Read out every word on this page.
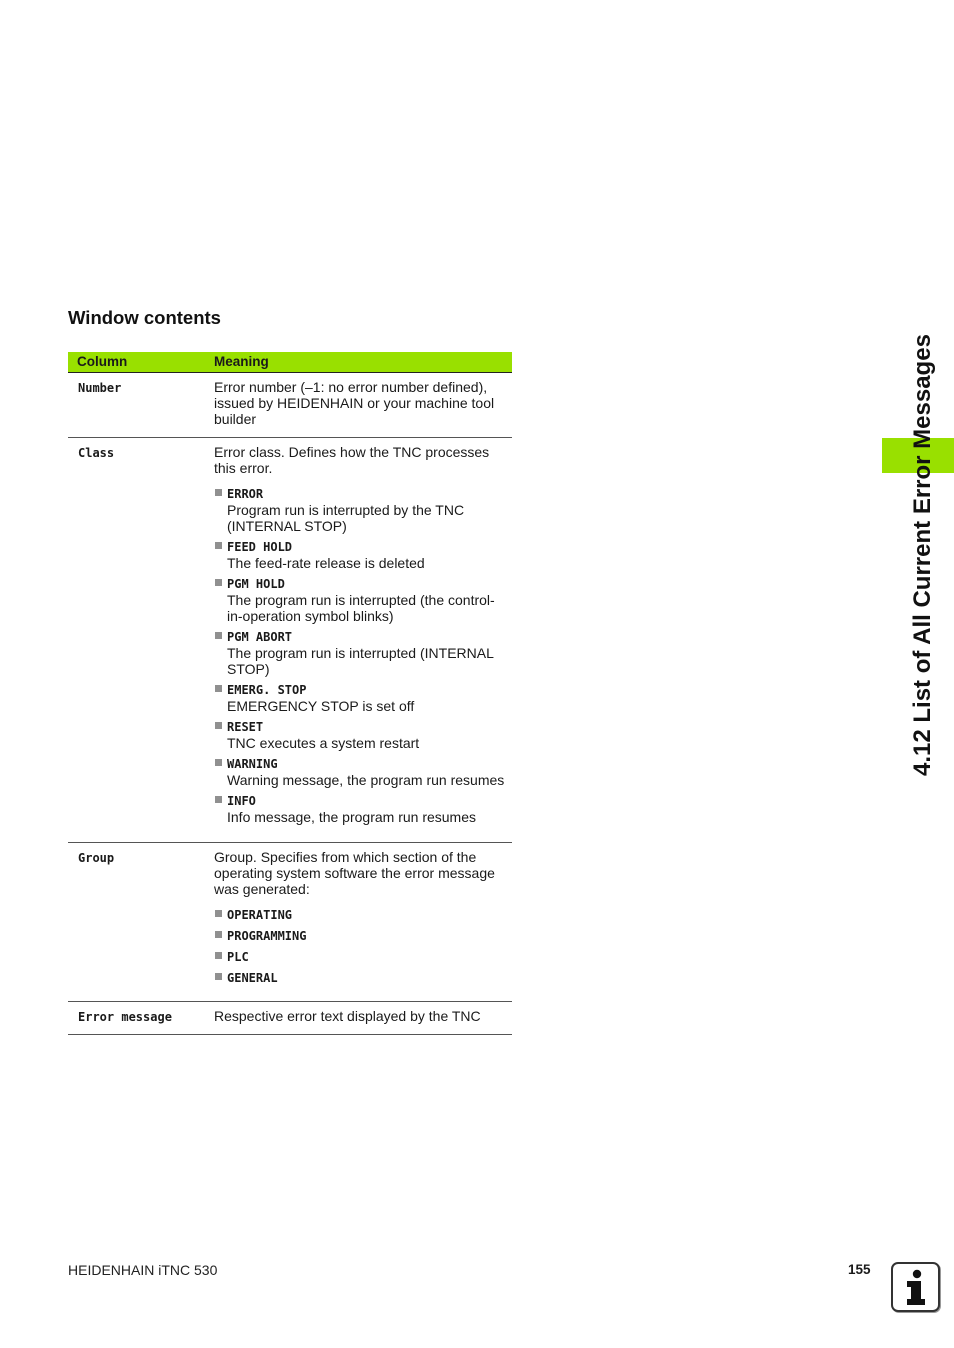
Window contents
Column	Meaning
Number	Error number (–1: no error number defined), issued by HEIDENHAIN or your machine tool builder

Class	Error class. Defines how the TNC processes this error.

ERROR
Program run is interrupted by the TNC (INTERNAL STOP)
FEED HOLD
The feed-rate release is deleted
PGM HOLD
The program run is interrupted (the control-in-operation symbol blinks)
PGM ABORT
The program run is interrupted (INTERNAL STOP)
EMERG. STOP
EMERGENCY STOP is set off
RESET
TNC executes a system restart
WARNING
Warning message, the program run resumes
INFO
Info message, the program run resumes
Group	Group. Specifies from which section of the operating system software the error message was generated:

OPERATING
PROGRAMMING
PLC
GENERAL
Error message	Respective error text displayed by the TNC

4.12 List of All Current Error Messages
HEIDENHAIN iTNC 530	155
